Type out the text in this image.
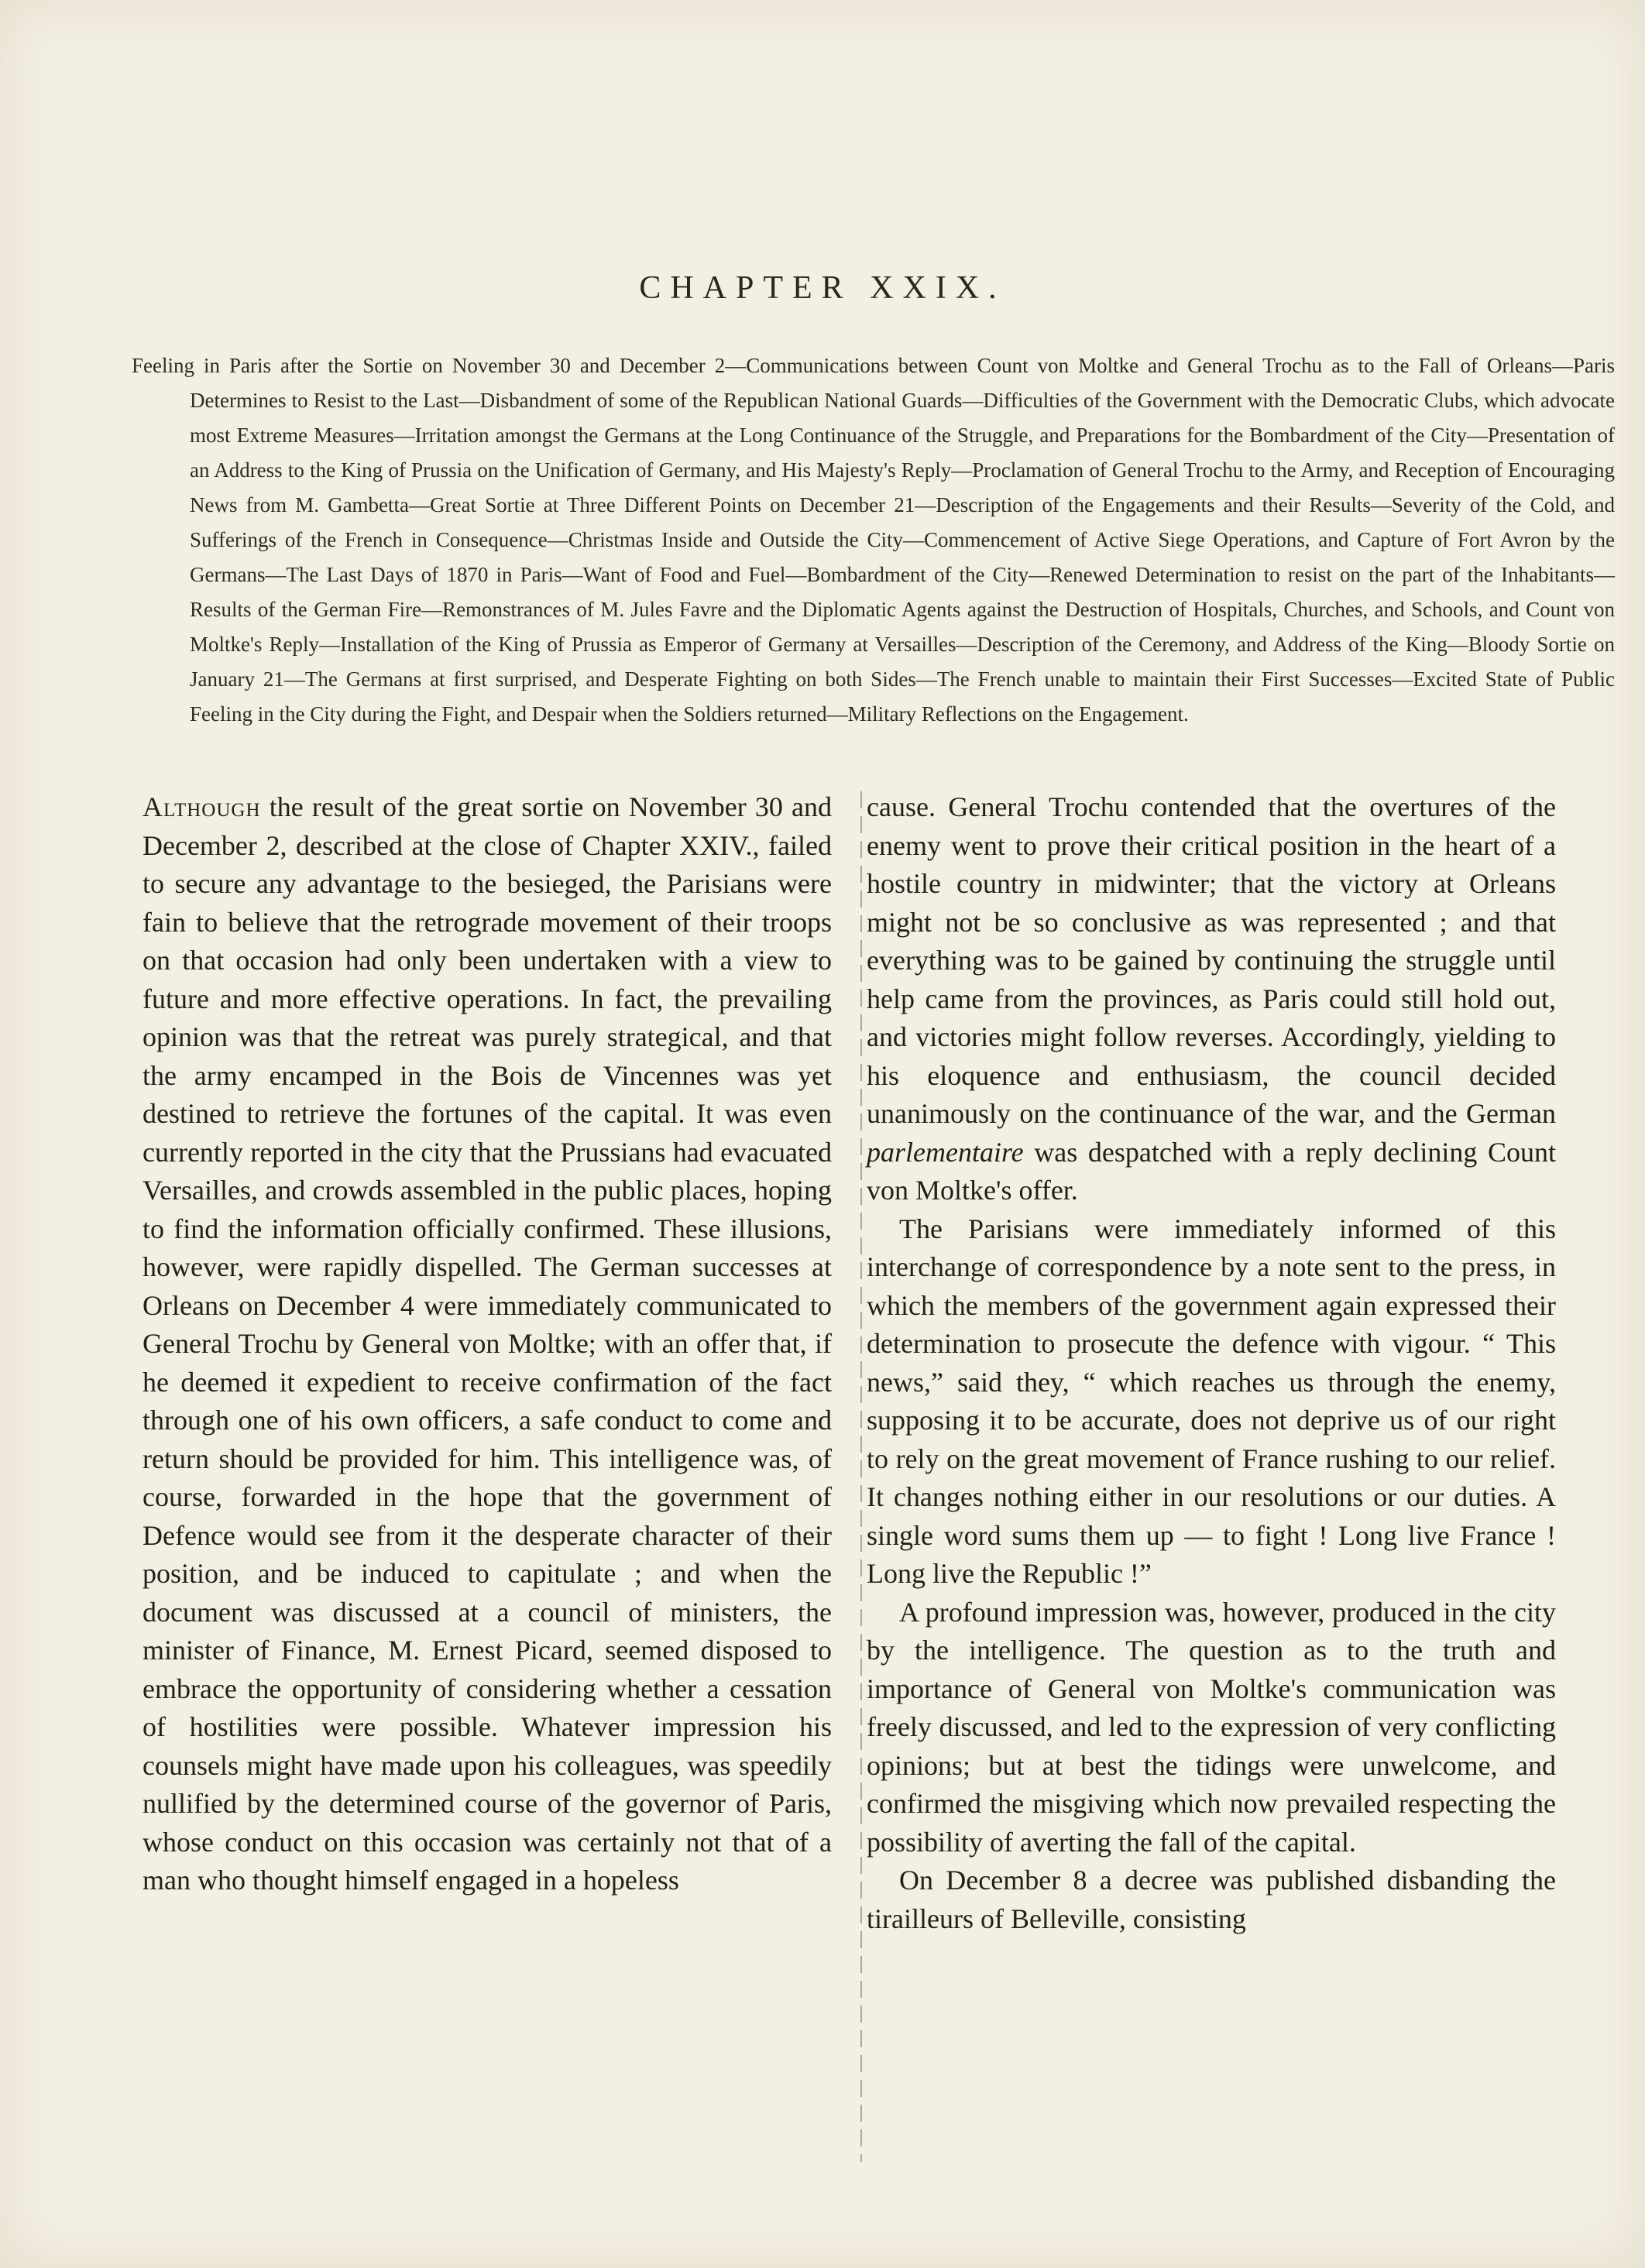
CHAPTER XXIX.
Feeling in Paris after the Sortie on November 30 and December 2—Communications between Count von Moltke and General Trochu as to the Fall of Orleans—Paris Determines to Resist to the Last—Disbandment of some of the Republican National Guards—Difficulties of the Government with the Democratic Clubs, which advocate most Extreme Measures—Irritation amongst the Germans at the Long Continuance of the Struggle, and Preparations for the Bombardment of the City—Presentation of an Address to the King of Prussia on the Unification of Germany, and His Majesty's Reply—Proclamation of General Trochu to the Army, and Reception of Encouraging News from M. Gambetta—Great Sortie at Three Different Points on December 21—Description of the Engagements and their Results—Severity of the Cold, and Sufferings of the French in Consequence—Christmas Inside and Outside the City—Commencement of Active Siege Operations, and Capture of Fort Avron by the Germans—The Last Days of 1870 in Paris—Want of Food and Fuel—Bombardment of the City—Renewed Determination to resist on the part of the Inhabitants—Results of the German Fire—Remonstrances of M. Jules Favre and the Diplomatic Agents against the Destruction of Hospitals, Churches, and Schools, and Count von Moltke's Reply—Installation of the King of Prussia as Emperor of Germany at Versailles—Description of the Ceremony, and Address of the King—Bloody Sortie on January 21—The Germans at first surprised, and Desperate Fighting on both Sides—The French unable to maintain their First Successes—Excited State of Public Feeling in the City during the Fight, and Despair when the Soldiers returned—Military Reflections on the Engagement.

Although the result of the great sortie on November 30 and December 2, described at the close of Chapter XXIV., failed to secure any advantage to the besieged, the Parisians were fain to believe that the retrograde movement of their troops on that occasion had only been undertaken with a view to future and more effective operations. In fact, the prevailing opinion was that the retreat was purely strategical, and that the army encamped in the Bois de Vincennes was yet destined to retrieve the fortunes of the capital. It was even currently reported in the city that the Prussians had evacuated Versailles, and crowds assembled in the public places, hoping to find the information officially confirmed. These illusions, however, were rapidly dispelled. The German successes at Orleans on December 4 were immediately communicated to General Trochu by General von Moltke; with an offer that, if he deemed it expedient to receive confirmation of the fact through one of his own officers, a safe conduct to come and return should be provided for him. This intelligence was, of course, forwarded in the hope that the government of Defence would see from it the desperate character of their position, and be induced to capitulate ; and when the document was discussed at a council of ministers, the minister of Finance, M. Ernest Picard, seemed disposed to embrace the opportunity of considering whether a cessation of hostilities were possible. Whatever impression his counsels might have made upon his colleagues, was speedily nullified by the determined course of the governor of Paris, whose conduct on this occasion was certainly not that of a man who thought himself engaged in a hopeless

cause. General Trochu contended that the overtures of the enemy went to prove their critical position in the heart of a hostile country in midwinter; that the victory at Orleans might not be so conclusive as was represented ; and that everything was to be gained by continuing the struggle until help came from the provinces, as Paris could still hold out, and victories might follow reverses. Accordingly, yielding to his eloquence and enthusiasm, the council decided unanimously on the continuance of the war, and the German parlementaire was despatched with a reply declining Count von Moltke's offer.

The Parisians were immediately informed of this interchange of correspondence by a note sent to the press, in which the members of the government again expressed their determination to prosecute the defence with vigour. “ This news,” said they, “ which reaches us through the enemy, supposing it to be accurate, does not deprive us of our right to rely on the great movement of France rushing to our relief. It changes nothing either in our resolutions or our duties. A single word sums them up — to fight ! Long live France ! Long live the Republic !”

A profound impression was, however, produced in the city by the intelligence. The question as to the truth and importance of General von Moltke's communication was freely discussed, and led to the expression of very conflicting opinions; but at best the tidings were unwelcome, and confirmed the misgiving which now prevailed respecting the possibility of averting the fall of the capital.

On December 8 a decree was published disbanding the tirailleurs of Belleville, consisting
